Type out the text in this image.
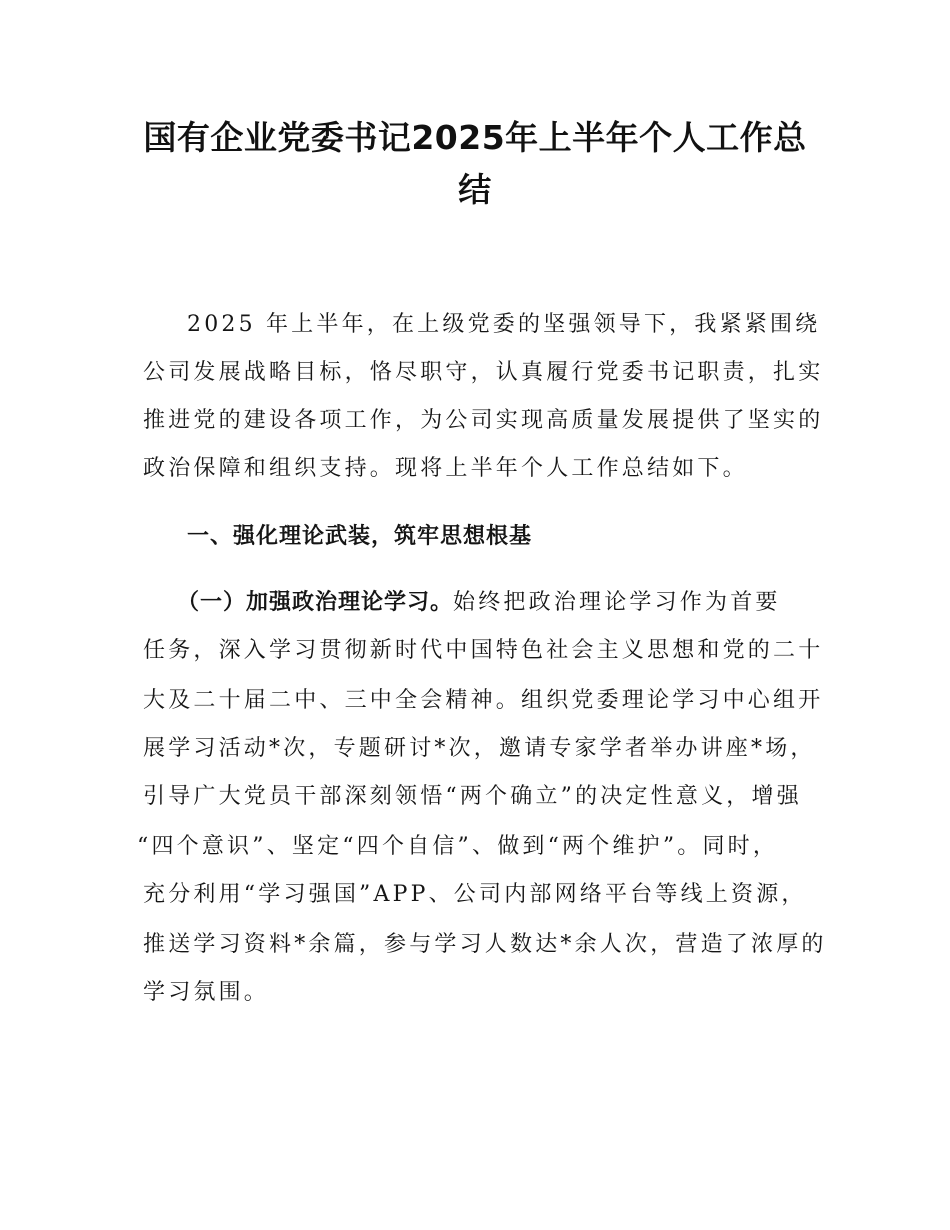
国有企业党委书记2025年上半年个人工作总
结
2025 年上半年，在上级党委的坚强领导下，我紧紧围绕
公司发展战略目标，恪尽职守，认真履行党委书记职责，扎实
推进党的建设各项工作，为公司实现高质量发展提供了坚实的
政治保障和组织支持。现将上半年个人工作总结如下。
一、强化理论武装，筑牢思想根基
（一）加强政治理论学习。始终把政治理论学习作为首要
任务，深入学习贯彻新时代中国特色社会主义思想和党的二十
大及二十届二中、三中全会精神。组织党委理论学习中心组开
展学习活动*次，专题研讨*次，邀请专家学者举办讲座*场，
引导广大党员干部深刻领悟“两个确立”的决定性意义，增强
“四个意识”、坚定“四个自信”、做到“两个维护”。同时，
充分利用“学习强国”APP、公司内部网络平台等线上资源，
推送学习资料*余篇，参与学习人数达*余人次，营造了浓厚的
学习氛围。
